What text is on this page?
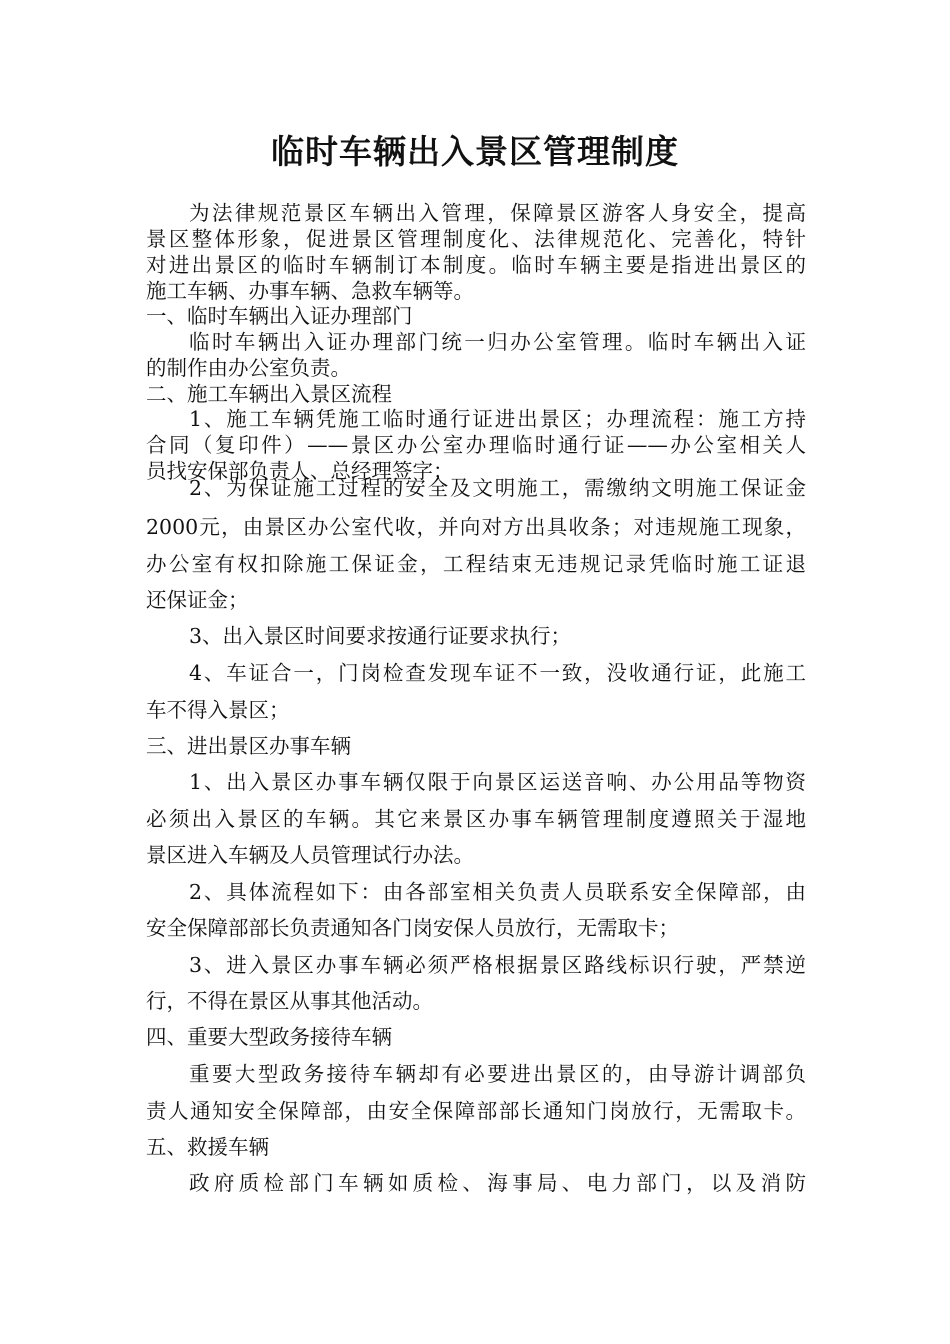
临时车辆出入景区管理制度
为法律规范景区车辆出入管理，保障景区游客人身安全，提高
景区整体形象，促进景区管理制度化、法律规范化、完善化，特针
对进出景区的临时车辆制订本制度。临时车辆主要是指进出景区的
施工车辆、办事车辆、急救车辆等。
一、临时车辆出入证办理部门
临时车辆出入证办理部门统一归办公室管理。临时车辆出入证
的制作由办公室负责。
二、施工车辆出入景区流程
1、施工车辆凭施工临时通行证进出景区；办理流程：施工方持
合同（复印件）——景区办公室办理临时通行证——办公室相关人
员找安保部负责人、总经理签字；
2、为保证施工过程的安全及文明施工，需缴纳文明施工保证金
2000元，由景区办公室代收，并向对方出具收条；对违规施工现象，
办公室有权扣除施工保证金，工程结束无违规记录凭临时施工证退
还保证金；
3、出入景区时间要求按通行证要求执行；
4、车证合一，门岗检查发现车证不一致，没收通行证，此施工
车不得入景区；
三、进出景区办事车辆
1、出入景区办事车辆仅限于向景区运送音响、办公用品等物资
必须出入景区的车辆。其它来景区办事车辆管理制度遵照关于湿地
景区进入车辆及人员管理试行办法。
2、具体流程如下：由各部室相关负责人员联系安全保障部，由
安全保障部部长负责通知各门岗安保人员放行，无需取卡；
3、进入景区办事车辆必须严格根据景区路线标识行驶，严禁逆
行，不得在景区从事其他活动。
四、重要大型政务接待车辆
重要大型政务接待车辆却有必要进出景区的，由导游计调部负
责人通知安全保障部，由安全保障部部长通知门岗放行，无需取卡。
五、救援车辆
政府质检部门车辆如质检、海事局、电力部门，以及消防
